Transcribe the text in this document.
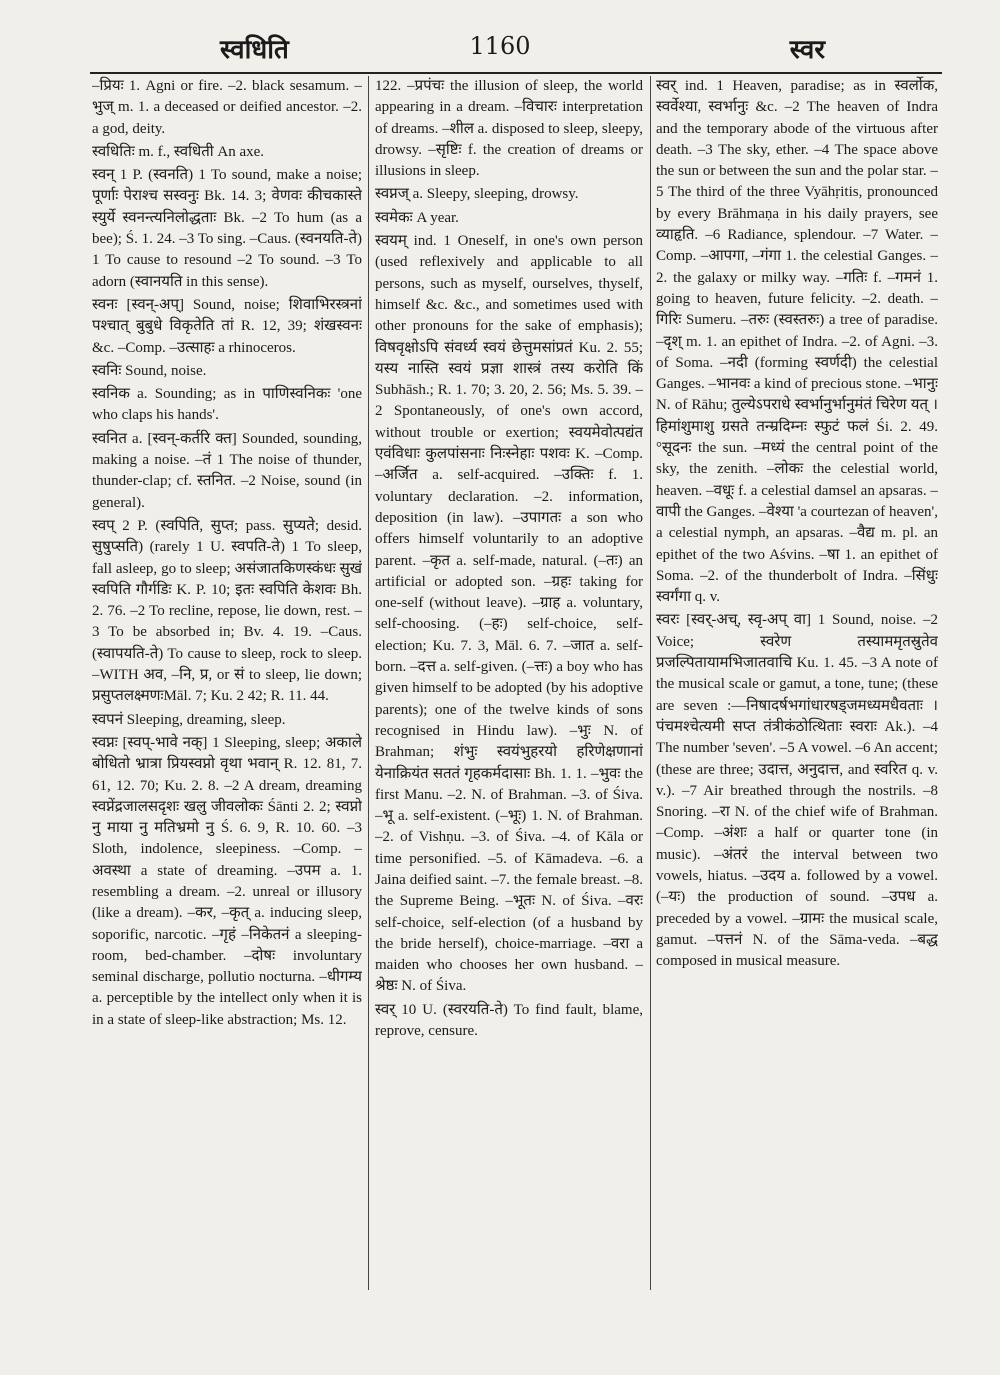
स्वधिति	1160	स्वर

–प्रियः 1. Agni or fire. –2. black sesamum. –भुज् m. 1. a deceased or deified ancestor. –2. a god, deity.

स्वधितिः m. f., स्वधिती An axe.

स्वन् 1 P. (स्वनति) 1 To sound, make a noise; पूर्णाः पेराश्च सस्वनुः Bk. 14. 3; वेणवः कीचकास्ते स्युर्ये स्वनन्त्यनिलोद्धताः Bk. –2 To hum (as a bee); Ś. 1. 24. –3 To sing. –Caus. (स्वनयति-ते) 1 To cause to resound –2 To sound. –3 To adorn (स्वानयति in this sense).

स्वनः [स्वन्-अप्] Sound, noise; शिवाभिरस्त्रनां पश्चात् बुबुधे विकृतेति तां R. 12, 39; शंखस्वनः &c. –Comp. –उत्साहः a rhinoceros.

स्वनिः Sound, noise.

स्वनिक a. Sounding; as in पाणिस्वनिकः 'one who claps his hands'.

स्वनित a. [स्वन्-कर्तरि क्त] Sounded, sounding, making a noise. –तं 1 The noise of thunder, thunder-clap; cf. स्तनित. –2 Noise, sound (in general).

स्वप् 2 P. (स्वपिति, सुप्त; pass. सुप्यते; desid. सुषुप्सति) (rarely 1 U. स्वपति-ते) 1 To sleep, fall asleep, go to sleep; असंजातकिणस्कंधः सुखं स्वपिति गौर्गडिः K. P. 10; इतः स्वपिति केशवः Bh. 2. 76. –2 To recline, repose, lie down, rest. –3 To be absorbed in; Bv. 4. 19. –Caus. (स्वापयति-ते) To cause to sleep, rock to sleep. –WITH अव, –नि, प्र, or सं to sleep, lie down; प्रसुप्तलक्ष्मणःMāl. 7; Ku. 2 42; R. 11. 44.

स्वपनं Sleeping, dreaming, sleep.

स्वप्नः [स्वप्-भावे नक्] 1 Sleeping, sleep; अकाले बोधितो भ्रात्रा प्रियस्वप्नो वृथा भवान् R. 12. 81, 7. 61, 12. 70; Ku. 2. 8. –2 A dream, dreaming स्वप्नेंद्रजालसदृशः खलु जीवलोकः Śānti 2. 2; स्वप्नो नु माया नु मतिभ्रमो नु Ś. 6. 9, R. 10. 60. –3 Sloth, indolence, sleepiness. –Comp. –अवस्था a state of dreaming. –उपम a. 1. resembling a dream. –2. unreal or illusory (like a dream). –कर, –कृत् a. inducing sleep, soporific, narcotic. –गृहं –निकेतनं a sleeping-room, bed-chamber. –दोषः involuntary seminal discharge, pollutio nocturna. –धीगम्य a. perceptible by the intellect only when it is in a state of sleep-like abstraction; Ms. 12.

122. –प्रपंचः the illusion of sleep, the world appearing in a dream. –विचारः interpretation of dreams. –शील a. disposed to sleep, sleepy, drowsy. –सृष्टिः f. the creation of dreams or illusions in sleep.

स्वप्नज् a. Sleepy, sleeping, drowsy.

स्वमेकः A year.

स्वयम् ind. 1 Oneself, in one's own person (used reflexively and applicable to all persons, such as myself, ourselves, thyself, himself &c. &c., and sometimes used with other pronouns for the sake of emphasis); विषवृक्षोऽपि संवर्ध्य स्वयं छेत्तुमसांप्रतं Ku. 2. 55; यस्य नास्ति स्वयं प्रज्ञा शास्त्रं तस्य करोति किं Subhāsh.; R. 1. 70; 3. 20, 2. 56; Ms. 5. 39. –2 Spontaneously, of one's own accord, without trouble or exertion; स्वयमेवोत्पद्यंत एवंविधाः कुलपांसनाः निःस्नेहाः पशवः K. –Comp. –अर्जित a. self-acquired. –उक्तिः f. 1. voluntary declaration. –2. information, deposition (in law). –उपागतः a son who offers himself voluntarily to an adoptive parent. –कृत a. self-made, natural. (–तः) an artificial or adopted son. –ग्रहः taking for one-self (without leave). –ग्राह a. voluntary, self-choosing. (–हः) self-choice, self-election; Ku. 7. 3, Māl. 6. 7. –जात a. self-born. –दत्त a. self-given. (–त्तः) a boy who has given himself to be adopted (by his adoptive parents); one of the twelve kinds of sons recognised in Hindu law). –भुः N. of Brahman; शंभुः स्वयंभुहरयो हरिणेक्षणानां येनाक्रियंत सततं गृहकर्मदासाः Bh. 1. 1. –भुवः the first Manu. –2. N. of Brahman. –3. of Śiva. –भू a. self-existent. (–भूः) 1. N. of Brahman. –2. of Vishṇu. –3. of Śiva. –4. of Kāla or time personified. –5. of Kāmadeva. –6. a Jaina deified saint. –7. the female breast. –8. the Supreme Being. –भूतः N. of Śiva. –वरः self-choice, self-election (of a husband by the bride herself), choice-marriage. –वरा a maiden who chooses her own husband. –श्रेष्ठः N. of Śiva.

स्वर् 10 U. (स्वरयति-ते) To find fault, blame, reprove, censure.

स्वर् ind. 1 Heaven, paradise; as in स्वर्लोक, स्वर्वेश्या, स्वर्भानुः &c. –2 The heaven of Indra and the temporary abode of the virtuous after death. –3 The sky, ether. –4 The space above the sun or between the sun and the polar star. –5 The third of the three Vyāhṛitis, pronounced by every Brāhmaṇa in his daily prayers, see व्याहृति. –6 Radiance, splendour. –7 Water. –Comp. –आपगा, –गंगा 1. the celestial Ganges. –2. the galaxy or milky way. –गतिः f. –गमनं 1. going to heaven, future felicity. –2. death. –गिरिः Sumeru. –तरुः (स्वस्तरुः) a tree of paradise. –दृश् m. 1. an epithet of Indra. –2. of Agni. –3. of Soma. –नदी (forming स्वर्णदी) the celestial Ganges. –भानवः a kind of precious stone. –भानुः N. of Rāhu; तुल्येऽपराधे स्वर्भानुर्भानुमंतं चिरेण यत् । हिमांशुमाशु ग्रसते तन्म्रदिम्नः स्फुटं फलं Śi. 2. 49. °सूदनः the sun. –मध्यं the central point of the sky, the zenith. –लोकः the celestial world, heaven. –वधूः f. a celestial damsel an apsaras. –वापी the Ganges. –वेश्या 'a courtezan of heaven', a celestial nymph, an apsaras. –वैद्य m. pl. an epithet of the two Aśvins. –षा 1. an epithet of Soma. –2. of the thunderbolt of Indra. –सिंधुः स्वर्गंगा q. v.

स्वरः [स्वर्-अच्, स्वृ-अप् वा] 1 Sound, noise. –2 Voice; स्वरेण तस्याममृतस्रुतेव प्रजल्पितायामभिजातवाचि Ku. 1. 45. –3 A note of the musical scale or gamut, a tone, tune; (these are seven :—निषादर्षभगांधारषड्जमध्यमधैवताः । पंचमश्चेत्यमी सप्त तंत्रीकंठोत्थिताः स्वराः Ak.). –4 The number 'seven'. –5 A vowel. –6 An accent; (these are three; उदात्त, अनुदात्त, and स्वरित q. v. v.). –7 Air breathed through the nostrils. –8 Snoring. –रा N. of the chief wife of Brahman. –Comp. –अंशः a half or quarter tone (in music). –अंतरं the interval between two vowels, hiatus. –उदय a. followed by a vowel. (–यः) the production of sound. –उपध a. preceded by a vowel. –ग्रामः the musical scale, gamut. –पत्तनं N. of the Sāma-veda. –बद्ध composed in musical measure.
